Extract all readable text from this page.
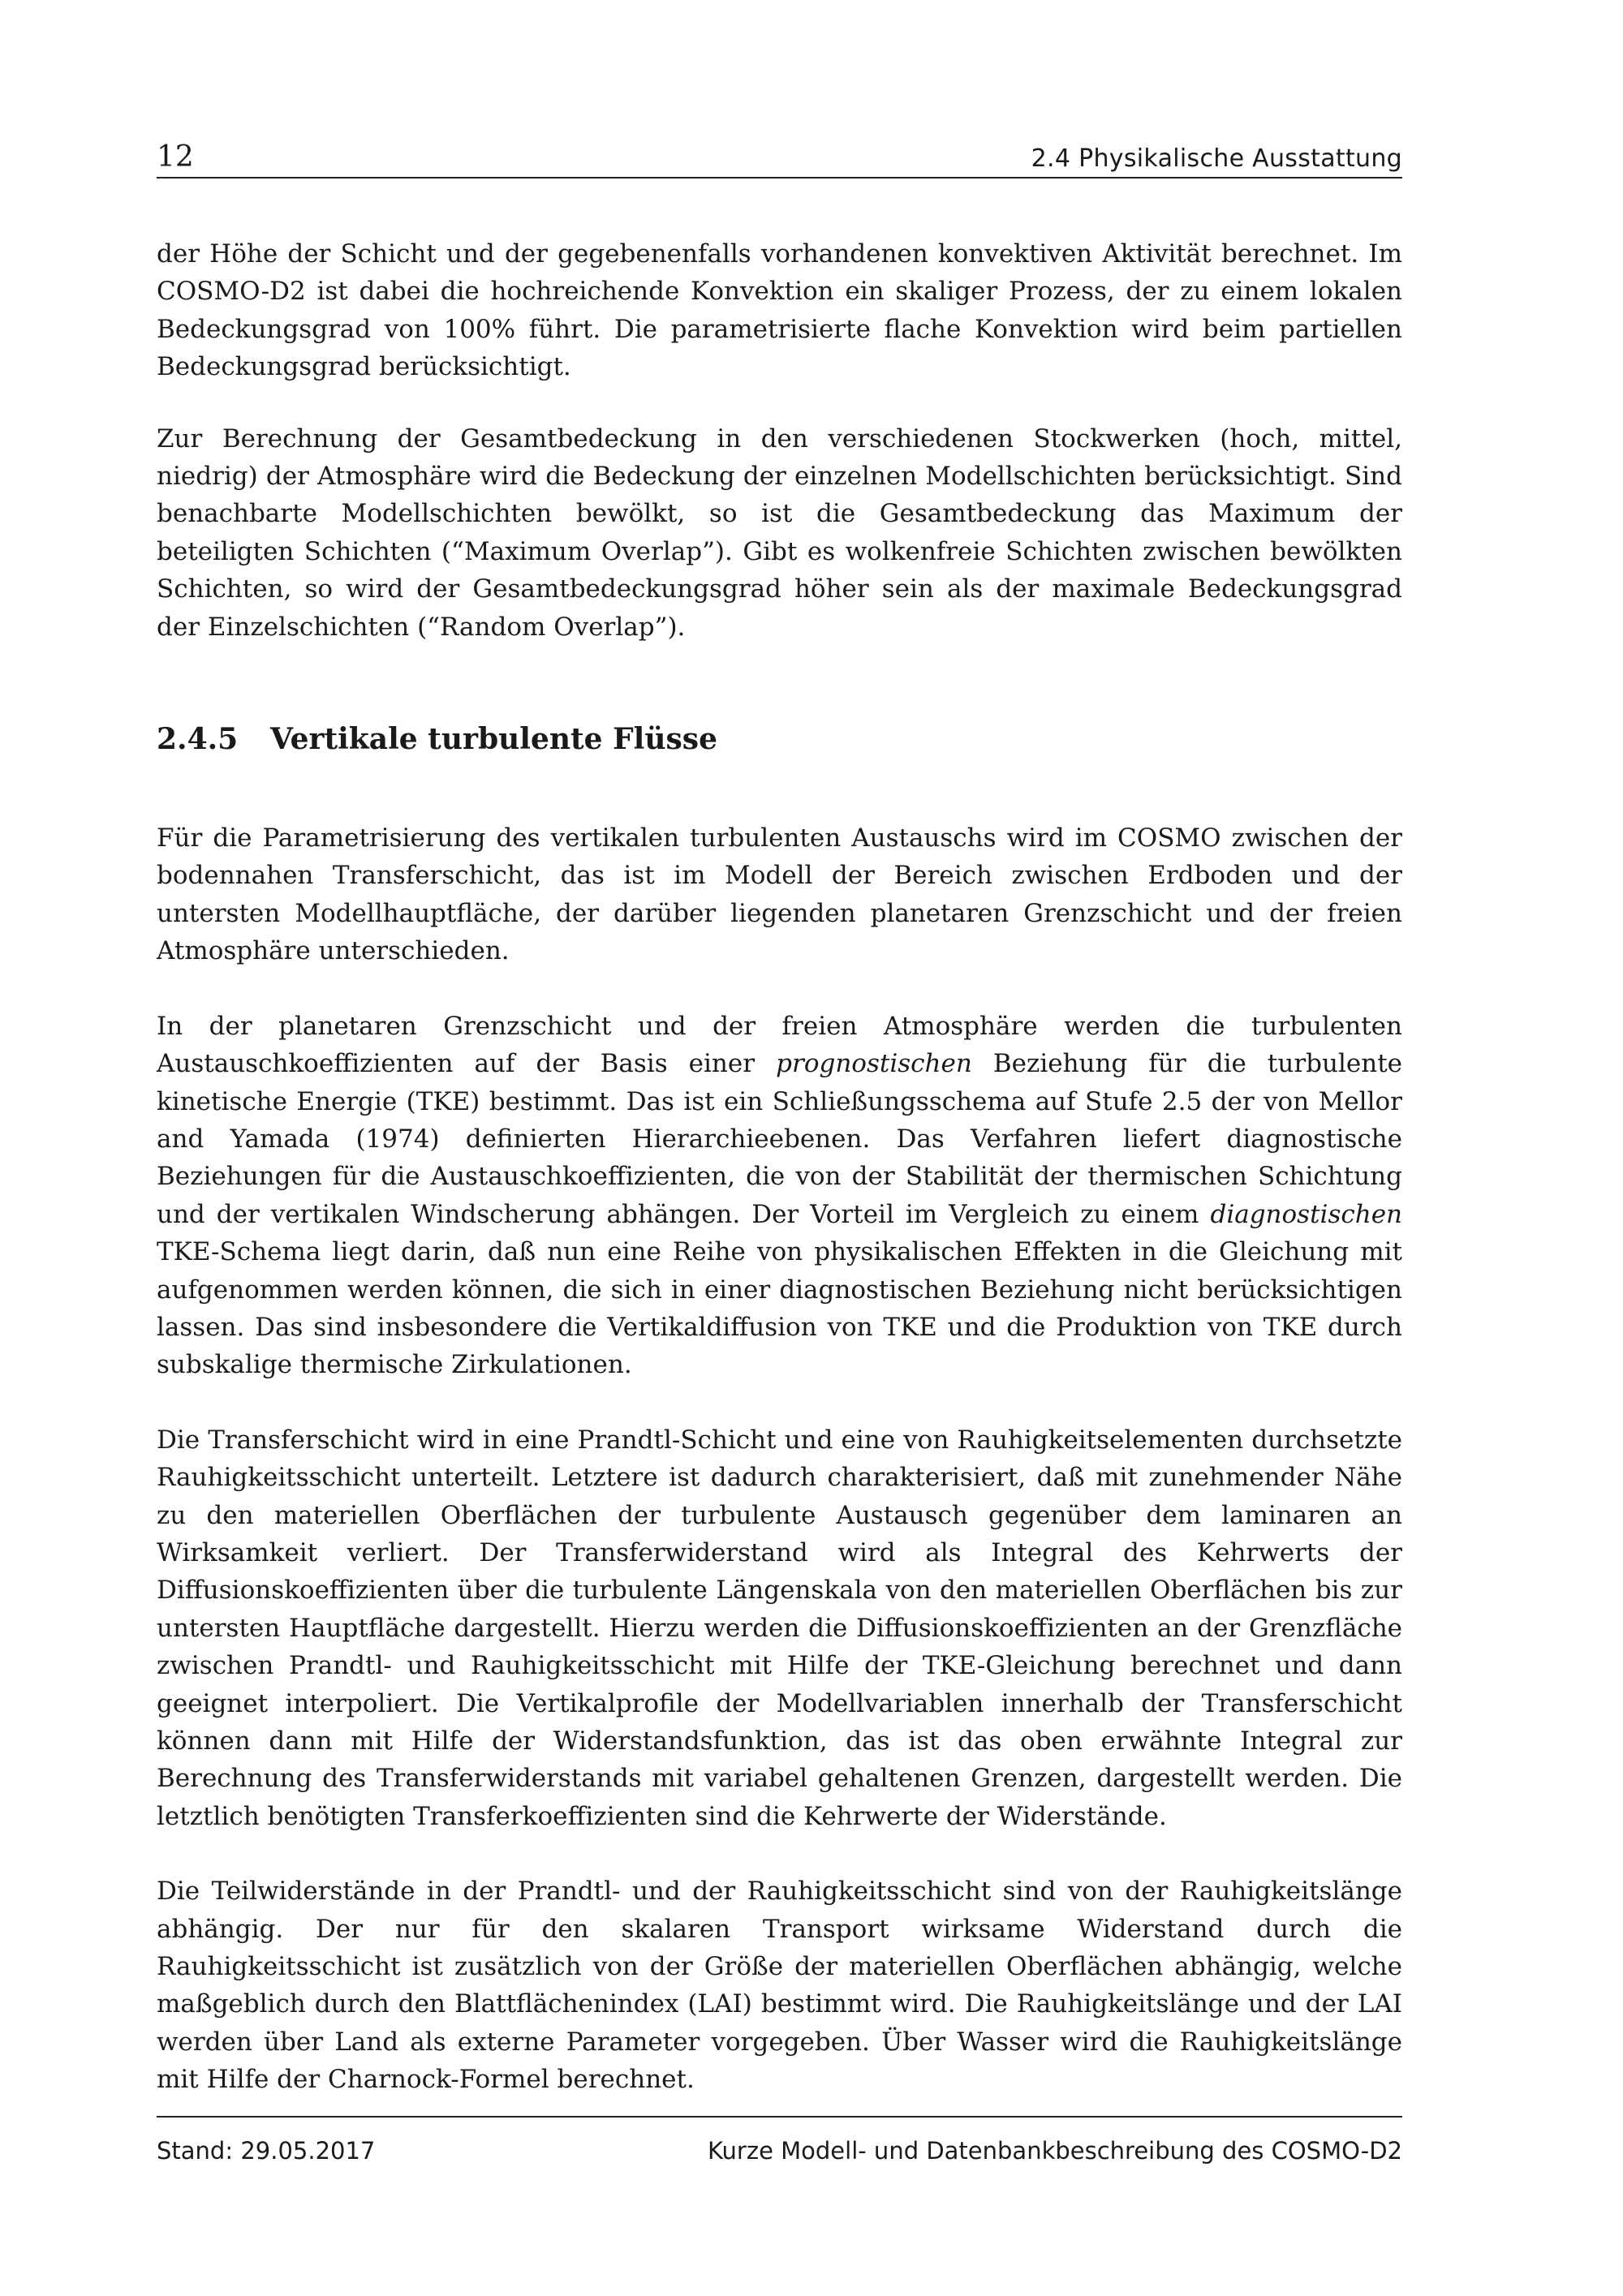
12	2.4 Physikalische Ausstattung

der Höhe der Schicht und der gegebenenfalls vorhandenen konvektiven Aktivität berechnet. Im COSMO-D2 ist dabei die hochreichende Konvektion ein skaliger Prozess, der zu einem lokalen Bedeckungsgrad von 100% führt. Die parametrisierte flache Konvektion wird beim partiellen Bedeckungsgrad berücksichtigt.

Zur Berechnung der Gesamtbedeckung in den verschiedenen Stockwerken (hoch, mittel, niedrig) der Atmosphäre wird die Bedeckung der einzelnen Modellschichten berücksichtigt. Sind benachbarte Modellschichten bewölkt, so ist die Gesamtbedeckung das Maximum der beteiligten Schichten (“Maximum Overlap”). Gibt es wolkenfreie Schichten zwischen bewölkten Schichten, so wird der Gesamtbedeckungsgrad höher sein als der maximale Bedeckungsgrad der Einzelschichten (“Random Overlap”).

2.4.5 Vertikale turbulente Flüsse

Für die Parametrisierung des vertikalen turbulenten Austauschs wird im COSMO zwischen der bodennahen Transferschicht, das ist im Modell der Bereich zwischen Erdboden und der untersten Modellhauptfläche, der darüber liegenden planetaren Grenzschicht und der freien Atmosphäre unterschieden.

In der planetaren Grenzschicht und der freien Atmosphäre werden die turbulenten Austauschkoeffizienten auf der Basis einer prognostischen Beziehung für die turbulente kinetische Energie (TKE) bestimmt. Das ist ein Schließungsschema auf Stufe 2.5 der von Mellor and Yamada (1974) definierten Hierarchieebenen. Das Verfahren liefert diagnostische Beziehungen für die Austauschkoeffizienten, die von der Stabilität der thermischen Schichtung und der vertikalen Windscherung abhängen. Der Vorteil im Vergleich zu einem diagnostischen TKE-Schema liegt darin, daß nun eine Reihe von physikalischen Effekten in die Gleichung mit aufgenommen werden können, die sich in einer diagnostischen Beziehung nicht berücksichtigen lassen. Das sind insbesondere die Vertikaldiffusion von TKE und die Produktion von TKE durch subskalige thermische Zirkulationen.

Die Transferschicht wird in eine Prandtl-Schicht und eine von Rauhigkeitselementen durchsetzte Rauhigkeitsschicht unterteilt. Letztere ist dadurch charakterisiert, daß mit zunehmender Nähe zu den materiellen Oberflächen der turbulente Austausch gegenüber dem laminaren an Wirksamkeit verliert. Der Transferwiderstand wird als Integral des Kehrwerts der Diffusionskoeffizienten über die turbulente Längenskala von den materiellen Oberflächen bis zur untersten Hauptfläche dargestellt. Hierzu werden die Diffusionskoeffizienten an der Grenzfläche zwischen Prandtl- und Rauhigkeitsschicht mit Hilfe der TKE-Gleichung berechnet und dann geeignet interpoliert. Die Vertikalprofile der Modellvariablen innerhalb der Transferschicht können dann mit Hilfe der Widerstandsfunktion, das ist das oben erwähnte Integral zur Berechnung des Transferwiderstands mit variabel gehaltenen Grenzen, dargestellt werden. Die letztlich benötigten Transferkoeffizienten sind die Kehrwerte der Widerstände.

Die Teilwiderstände in der Prandtl- und der Rauhigkeitsschicht sind von der Rauhigkeitslänge abhängig. Der nur für den skalaren Transport wirksame Widerstand durch die Rauhigkeitsschicht ist zusätzlich von der Größe der materiellen Oberflächen abhängig, welche maßgeblich durch den Blattflächenindex (LAI) bestimmt wird. Die Rauhigkeitslänge und der LAI werden über Land als externe Parameter vorgegeben. Über Wasser wird die Rauhigkeitslänge mit Hilfe der Charnock-Formel berechnet.

Stand: 29.05.2017	Kurze Modell- und Datenbankbeschreibung des COSMO-D2
